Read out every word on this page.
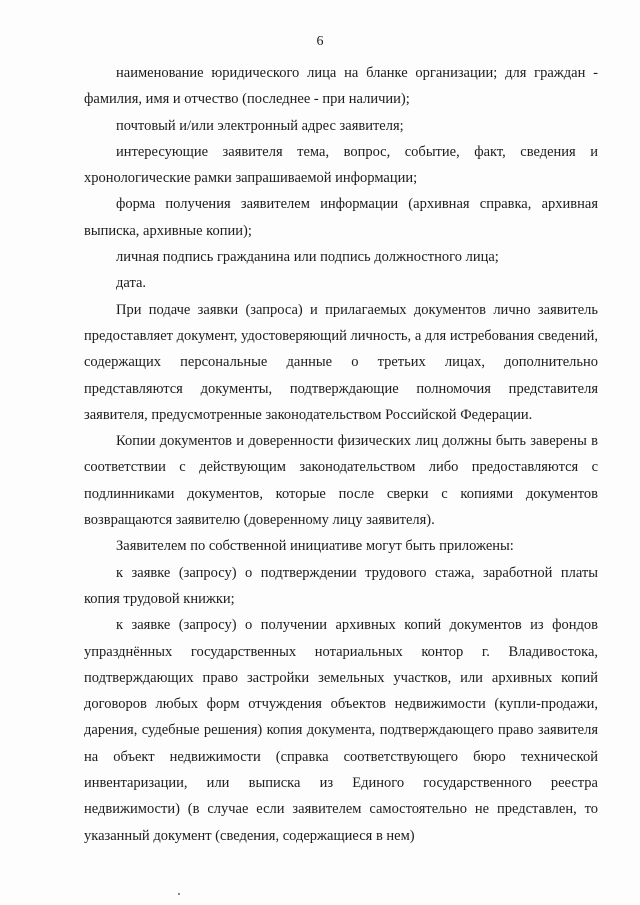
6

наименование юридического лица на бланке организации; для граждан - фамилия, имя и отчество (последнее - при наличии);

почтовый и/или электронный адрес заявителя;

интересующие заявителя тема, вопрос, событие, факт, сведения и хронологические рамки запрашиваемой информации;

форма получения заявителем информации (архивная справка, архивная выписка, архивные копии);

личная подпись гражданина или подпись должностного лица;

дата.

При подаче заявки (запроса) и прилагаемых документов лично заявитель предоставляет документ, удостоверяющий личность, а для истребования сведений, содержащих персональные данные о третьих лицах, дополнительно представляются документы, подтверждающие полномочия представителя заявителя, предусмотренные законодательством Российской Федерации.

Копии документов и доверенности физических лиц должны быть заверены в соответствии с действующим законодательством либо предоставляются с подлинниками документов, которые после сверки с копиями документов возвращаются заявителю (доверенному лицу заявителя).

Заявителем по собственной инициативе могут быть приложены:

к заявке (запросу) о подтверждении трудового стажа, заработной платы копия трудовой книжки;

к заявке (запросу) о получении архивных копий документов из фондов упразднённых государственных нотариальных контор г. Владивостока, подтверждающих право застройки земельных участков, или архивных копий договоров любых форм отчуждения объектов недвижимости (купли-продажи, дарения, судебные решения) копия документа, подтверждающего право заявителя на объект недвижимости (справка соответствующего бюро технической инвентаризации, или выписка из Единого государственного реестра недвижимости) (в случае если заявителем самостоятельно не представлен, то указанный документ (сведения, содержащиеся в нем)
